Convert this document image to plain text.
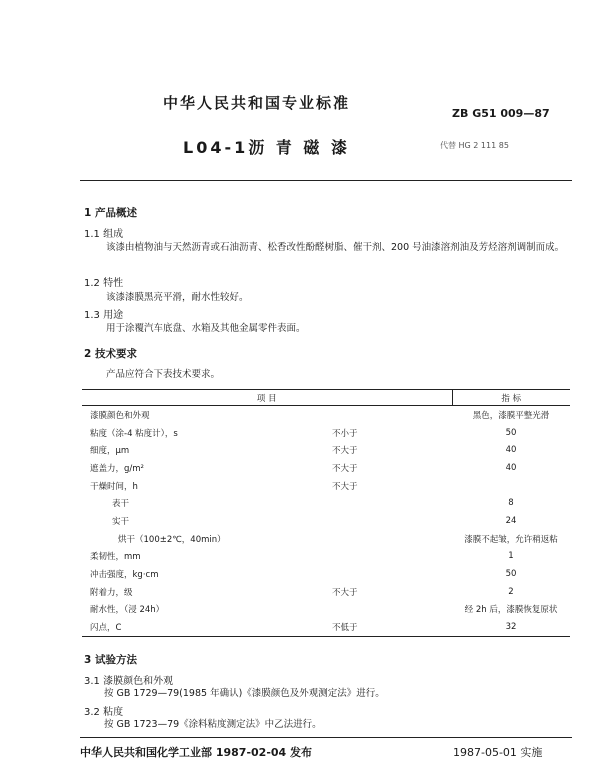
中华人民共和国专业标准
ZB G51 009—87
L04-1沥 青 磁 漆	代替 HG 2 111 85
1 产品概述
1.1 组成
该漆由植物油与天然沥青或石油沥青、松香改性酚醛树脂、催干剂、200 号油漆溶剂油及芳烃溶剂调制而成。
1.2 特性
该漆漆膜黑亮平滑，耐水性较好。
1.3 用途
用于涂覆汽车底盘、水箱及其他金属零件表面。
2 技术要求
产品应符合下表技术要求。
项 目		指 标
漆膜颜色和外观		黑色，漆膜平整光滑
粘度（涂-4 粘度计），s	不小于	50
细度，μm	不大于	40
遮盖力，g/m²	不大于	40
干燥时间，h	不大于	
表干		8
实干		24
烘干（100±2℃，40min）		漆膜不起皱，允许稍返粘
柔韧性，mm		1
冲击强度，kg·cm		50
附着力，级	不大于	2
耐水性，（浸 24h）		经 2h 后，漆膜恢复原状
闪点，C	不低于	32
3 试验方法
3.1 漆膜颜色和外观
按 GB 1729—79(1985 年确认)《漆膜颜色及外观测定法》进行。
3.2 粘度
按 GB 1723—79《涂料粘度测定法》中乙法进行。
中华人民共和国化学工业部 1987-02-04 发布	1987-05-01 实施
